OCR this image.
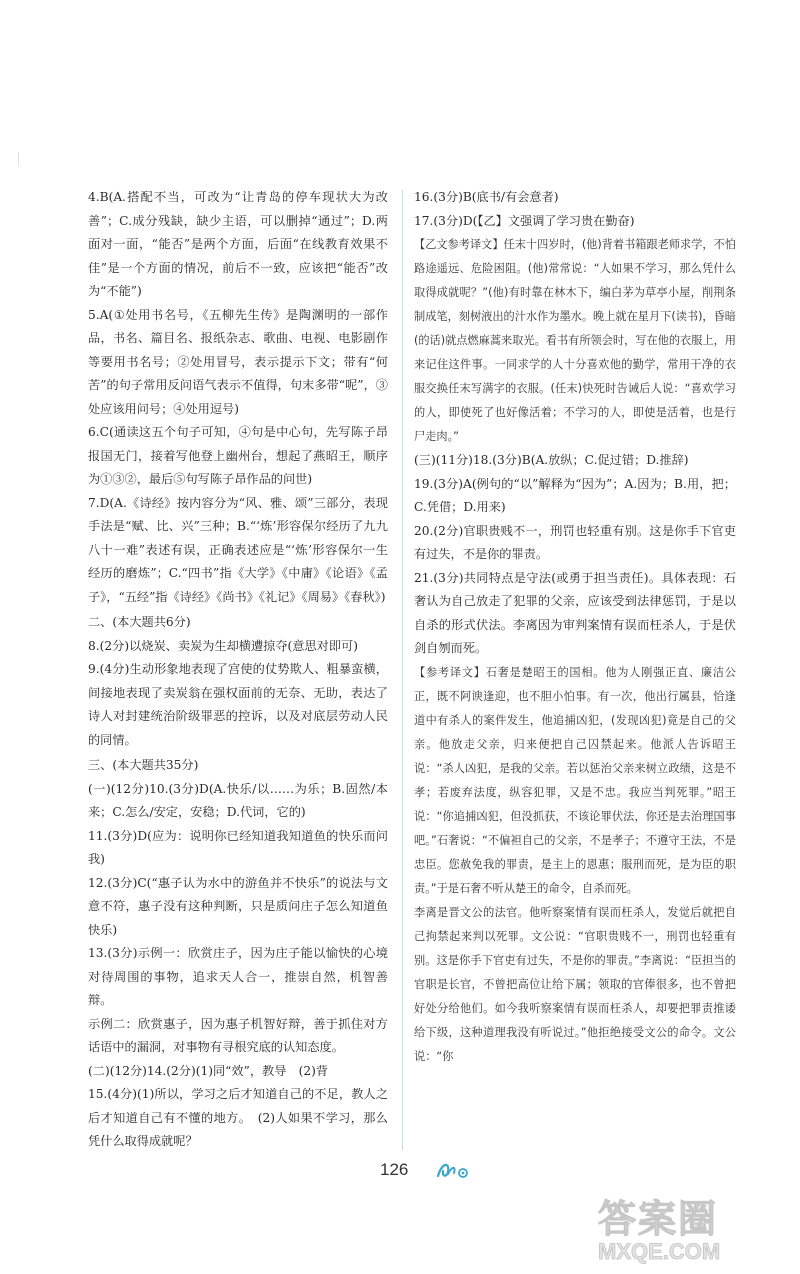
4.B(A.搭配不当，可改为“让青岛的停车现状大为改善”；C.成分残缺，缺少主语，可以删掉“通过”；D.两面对一面，“能否”是两个方面，后面“在线教育效果不佳”是一个方面的情况，前后不一致，应该把“能否”改为“不能”)

5.A(①处用书名号，《五柳先生传》是陶渊明的一部作品，书名、篇目名、报纸杂志、歌曲、电视、电影剧作等要用书名号；②处用冒号，表示提示下文；带有“何苦”的句子常用反问语气表示不值得，句末多带“呢”，③处应该用问号；④处用逗号)

6.C(通读这五个句子可知，④句是中心句，先写陈子昂报国无门，接着写他登上幽州台，想起了燕昭王，顺序为①③②，最后⑤句写陈子昂作品的问世)

7.D(A.《诗经》按内容分为“风、雅、颂”三部分，表现手法是“赋、比、兴”三种；B.“‘炼’形容保尔经历了九九八十一难”表述有误，正确表述应是“‘炼’形容保尔一生经历的磨炼”；C.“四书”指《大学》《中庸》《论语》《孟子》，“五经”指《诗经》《尚书》《礼记》《周易》《春秋》)

二、(本大题共6分)

8.(2分)以烧炭、卖炭为生却横遭掠夺(意思对即可)

9.(4分)生动形象地表现了宫使的仗势欺人、粗暴蛮横，间接地表现了卖炭翁在强权面前的无奈、无助，表达了诗人对封建统治阶级罪恶的控诉，以及对底层劳动人民的同情。

三、(本大题共35分)

(一)(12分)10.(3分)D(A.快乐/以……为乐；B.固然/本来；C.怎么/安定，安稳；D.代词，它的)

11.(3分)D(应为：说明你已经知道我知道鱼的快乐而问我)

12.(3分)C(“惠子认为水中的游鱼并不快乐”的说法与文意不符，惠子没有这种判断，只是质问庄子怎么知道鱼快乐)

13.(3分)示例一：欣赏庄子，因为庄子能以愉快的心境对待周围的事物，追求天人合一，推崇自然，机智善辩。

示例二：欣赏惠子，因为惠子机智好辩，善于抓住对方话语中的漏洞，对事物有寻根究底的认知态度。

(二)(12分)14.(2分)(1)同“效”，教导　(2)背

15.(4分)(1)所以，学习之后才知道自己的不足，教人之后才知道自己有不懂的地方。　(2)人如果不学习，那么凭什么取得成就呢？

16.(3分)B(底书/有会意者)

17.(3分)D(【乙】文强调了学习贵在勤奋)

【乙文参考译文】任末十四岁时，(他)背着书箱跟老师求学，不怕路途遥远、危险困阻。(他)常常说：“人如果不学习，那么凭什么取得成就呢？”(他)有时靠在林木下，编白茅为草亭小屋，削荆条制成笔，刻树液出的汁水作为墨水。晚上就在星月下(读书)，昏暗(的话)就点燃麻蒿来取光。看书有所领会时，写在他的衣服上，用来记住这件事。一同求学的人十分喜欢他的勤学，常用干净的衣服交换任末写满字的衣服。(任末)快死时告诫后人说：“喜欢学习的人，即使死了也好像活着；不学习的人，即使是活着，也是行尸走肉。”

(三)(11分)18.(3分)B(A.放纵；C.促过错；D.推辞)

19.(3分)A(例句的“以”解释为“因为”；A.因为；B.用，把；C.凭借；D.用来)

20.(2分)官职贵贱不一，刑罚也轻重有别。这是你手下官吏有过失，不是你的罪责。

21.(3分)共同特点是守法(或勇于担当责任)。具体表现：石奢认为自己放走了犯罪的父亲，应该受到法律惩罚，于是以自杀的形式伏法。李离因为审判案情有误而枉杀人，于是伏剑自刎而死。

【参考译文】石奢是楚昭王的国相。他为人刚强正直、廉洁公正，既不阿谀逢迎，也不胆小怕事。有一次，他出行属县，恰逢道中有杀人的案件发生，他追捕凶犯，(发现凶犯)竟是自己的父亲。他放走父亲，归来便把自己囚禁起来。他派人告诉昭王说：“杀人凶犯，是我的父亲。若以惩治父亲来树立政绩，这是不孝；若废弃法度，纵容犯罪，又是不忠。我应当判死罪。”昭王说：“你追捕凶犯，但没抓获，不该论罪伏法，你还是去治理国事吧。”石奢说：“不偏袒自己的父亲，不是孝子；不遵守王法，不是忠臣。您赦免我的罪责，是主上的恩惠；服刑而死，是为臣的职责。”于是石奢不听从楚王的命令，自杀而死。

李离是晋文公的法官。他听察案情有误而枉杀人，发觉后就把自己拘禁起来判以死罪。文公说：“官职贵贱不一，刑罚也轻重有别。这是你手下官吏有过失，不是你的罪责。”李离说：“臣担当的官职是长官，不曾把高位让给下属；领取的官俸很多，也不曾把好处分给他们。如今我听察案情有误而枉杀人，却要把罪责推诿给下级，这种道理我没有听说过。”他拒绝接受文公的命令。文公说：“你

126
答案圈
MXQE.COM
